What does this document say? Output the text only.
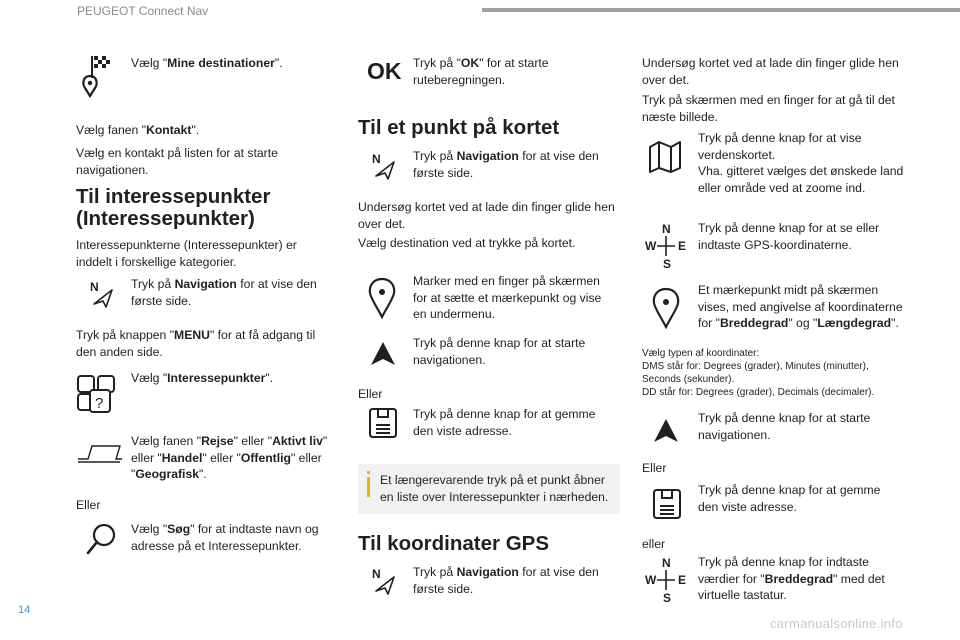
PEUGEOT Connect Nav
Vælg "Mine destinationer".
Vælg fanen "Kontakt".
Vælg en kontakt på listen for at starte navigationen.
Til interessepunkter (Interessepunkter)
Interessepunkterne (Interessepunkter) er inddelt i forskellige kategorier.
N	Tryk på Navigation for at vise den første side.
Tryk på knappen "MENU" for at få adgang til den anden side.
?
Vælg "Interessepunkter".
Vælg fanen "Rejse" eller "Aktivt liv" eller "Handel" eller "Offentlig" eller "Geografisk".
Eller
Vælg "Søg" for at indtaste navn og adresse på et Interessepunkter.
OK Tryk på "OK" for at starte ruteberegningen.
Til et punkt på kortet
N	Tryk på Navigation for at vise den første side.
Undersøg kortet ved at lade din finger glide hen over det.
Vælg destination ved at trykke på kortet.
Marker med en finger på skærmen for at sætte et mærkepunkt og vise en undermenu.
Tryk på denne knap for at starte navigationen.
Eller
Tryk på denne knap for at gemme den viste adresse.
Et længerevarende tryk på et punkt åbner en liste over Interessepunkter i nærheden.
Til koordinater GPS
N	Tryk på Navigation for at vise den første side.
Undersøg kortet ved at lade din finger glide hen over det.
Tryk på skærmen med en finger for at gå til det næste billede.
Tryk på denne knap for at vise verdenskortet.
Vha. gitteret vælges det ønskede land eller område ved at zoome ind.
N
W E
S
Tryk på denne knap for at se eller indtaste GPS-koordinaterne.
Et mærkepunkt midt på skærmen vises, med angivelse af koordinaterne for "Breddegrad" og "Længdegrad".
Vælg typen af koordinater:
DMS står for: Degrees (grader), Minutes (minutter),
Seconds (sekunder).
DD står for: Degrees (grader), Decimals (decimaler).
Tryk på denne knap for at starte navigationen.
Eller
Tryk på denne knap for at gemme den viste adresse.
eller
N
W E
S
Tryk på denne knap for indtaste værdier for "Breddegrad" med det virtuelle tastatur.
14
carmanualsonline.info
